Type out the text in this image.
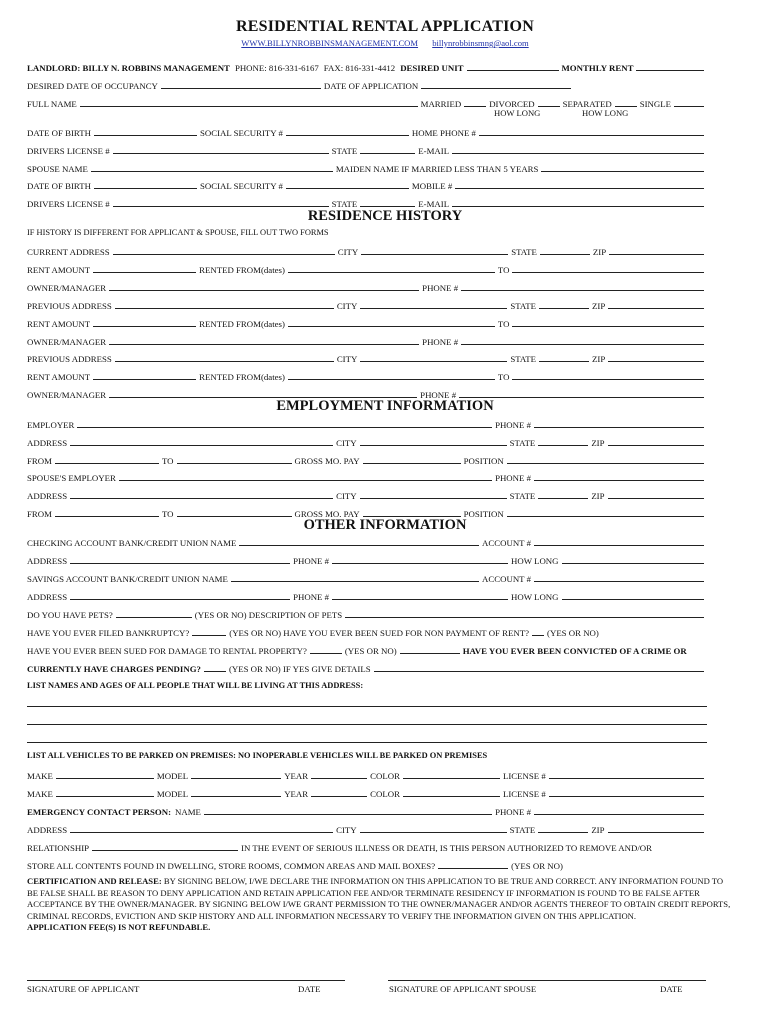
RESIDENTIAL RENTAL APPLICATION
WWW.BILLYNROBBINSMANAGEMENT.COM billynrobbinsmng@aol.com
LANDLORD: BILLY N. ROBBINS MANAGEMENT PHONE: 816-331-6167 FAX: 816-331-4412 DESIRED UNIT	MONTHLY RENT
DESIRED DATE OF OCCUPANCY	DATE OF APPLICATION
FULL NAME	MARRIED	DIVORCED	SEPARATED	SINGLE
HOW LONG	HOW LONG
DATE OF BIRTH	SOCIAL SECURITY #	HOME PHONE #
DRIVERS LICENSE #	STATE	E-MAIL
SPOUSE NAME	MAIDEN NAME IF MARRIED LESS THAN 5 YEARS
DATE OF BIRTH	SOCIAL SECURITY #	MOBILE #
DRIVERS LICENSE #	STATE	E-MAIL
RESIDENCE HISTORY
IF HISTORY IS DIFFERENT FOR APPLICANT & SPOUSE, FILL OUT TWO FORMS
CURRENT ADDRESS	CITY	STATE	ZIP
RENT AMOUNT	RENTED FROM(dates)	TO
OWNER/MANAGER	PHONE #
PREVIOUS ADDRESS	CITY	STATE	ZIP
RENT AMOUNT	RENTED FROM(dates)	TO
OWNER/MANAGER	PHONE #
PREVIOUS ADDRESS	CITY	STATE	ZIP
RENT AMOUNT	RENTED FROM(dates)	TO
OWNER/MANAGER	PHONE #
EMPLOYMENT INFORMATION
EMPLOYER	PHONE #
ADDRESS	CITY	STATE	ZIP
FROM	TO	GROSS MO. PAY	POSITION
SPOUSE'S EMPLOYER	PHONE #
ADDRESS	CITY	STATE	ZIP
FROM	TO	GROSS MO. PAY	POSITION
OTHER INFORMATION
CHECKING ACCOUNT BANK/CREDIT UNION NAME	ACCOUNT #
ADDRESS	PHONE #	HOW LONG
SAVINGS ACCOUNT BANK/CREDIT UNION NAME	ACCOUNT #
ADDRESS	PHONE #	HOW LONG
DO YOU HAVE PETS?	(YES OR NO) DESCRIPTION OF PETS
HAVE YOU EVER FILED BANKRUPTCY?	(YES OR NO) HAVE YOU EVER BEEN SUED FOR NON PAYMENT OF RENT? (YES OR NO)
HAVE YOU EVER BEEN SUED FOR DAMAGE TO RENTAL PROPERTY?	(YES OR NO)	HAVE YOU EVER BEEN CONVICTED OF A CRIME OR
CURRENTLY HAVE CHARGES PENDING?	(YES OR NO) IF YES GIVE DETAILS
LIST NAMES AND AGES OF ALL PEOPLE THAT WILL BE LIVING AT THIS ADDRESS:
LIST ALL VEHICLES TO BE PARKED ON PREMISES: NO INOPERABLE VEHICLES WILL BE PARKED ON PREMISES
MAKE	MODEL	YEAR	COLOR	LICENSE #
MAKE	MODEL	YEAR	COLOR	LICENSE #
EMERGENCY CONTACT PERSON: NAME	PHONE #
ADDRESS	CITY	STATE	ZIP
RELATIONSHIP	IN THE EVENT OF SERIOUS ILLNESS OR DEATH, IS THIS PERSON AUTHORIZED TO REMOVE AND/OR
STORE ALL CONTENTS FOUND IN DWELLING, STORE ROOMS, COMMON AREAS AND MAIL BOXES?	(YES OR NO)
CERTIFICATION AND RELEASE: BY SIGNING BELOW, I/WE DECLARE THE INFORMATION ON THIS APPLICATION TO BE TRUE AND CORRECT. ANY INFORMATION FOUND TO BE FALSE SHALL BE REASON TO DENY APPLICATION AND RETAIN APPLICATION FEE AND/OR TERMINATE RESIDENCY IF INFORMATION IS FOUND TO BE FALSE AFTER ACCEPTANCE BY THE OWNER/MANAGER. BY SIGNING BELOW I/WE GRANT PERMISSION TO THE OWNER/MANAGER AND/OR AGENTS THEREOF TO OBTAIN CREDIT REPORTS, CRIMINAL RECORDS, EVICTION AND SKIP HISTORY AND ALL INFORMATION NECESSARY TO VERIFY THE INFORMATION GIVEN ON THIS APPLICATION.
APPLICATION FEE(S) IS NOT REFUNDABLE.
SIGNATURE OF APPLICANT	DATE	SIGNATURE OF APPLICANT SPOUSE	DATE
